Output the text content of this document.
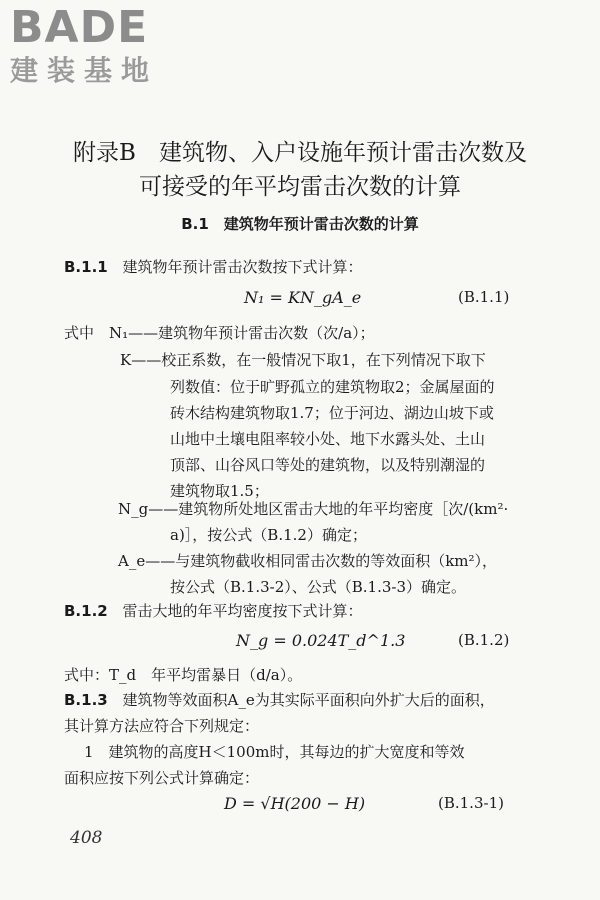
BADE
建装基地
附录B　建筑物、入户设施年预计雷击次数及
可接受的年平均雷击次数的计算
B.1　建筑物年预计雷击次数的计算
B.1.1 建筑物年预计雷击次数按下式计算：
N₁ = KN_gA_e	(B.1.1)
式中　N₁——建筑物年预计雷击次数（次/a）；
K——校正系数，在一般情况下取1，在下列情况下取下
列数值：位于旷野孤立的建筑物取2；金属屋面的
砖木结构建筑物取1.7；位于河边、湖边山坡下或
山地中土壤电阻率较小处、地下水露头处、土山
顶部、山谷风口等处的建筑物，以及特别潮湿的
建筑物取1.5；
N_g——建筑物所处地区雷击大地的年平均密度［次/(km²·
a)］，按公式（B.1.2）确定；
A_e——与建筑物截收相同雷击次数的等效面积（km²），
按公式（B.1.3-2）、公式（B.1.3-3）确定。
B.1.2 雷击大地的年平均密度按下式计算：
N_g = 0.024T_d^1.3	(B.1.2)
式中：T_d　年平均雷暴日（d/a）。
B.1.3 建筑物等效面积A_e为其实际平面积向外扩大后的面积，
其计算方法应符合下列规定：
1　建筑物的高度H＜100m时，其每边的扩大宽度和等效
面积应按下列公式计算确定：
D = √H(200 − H)	(B.1.3-1)
408
